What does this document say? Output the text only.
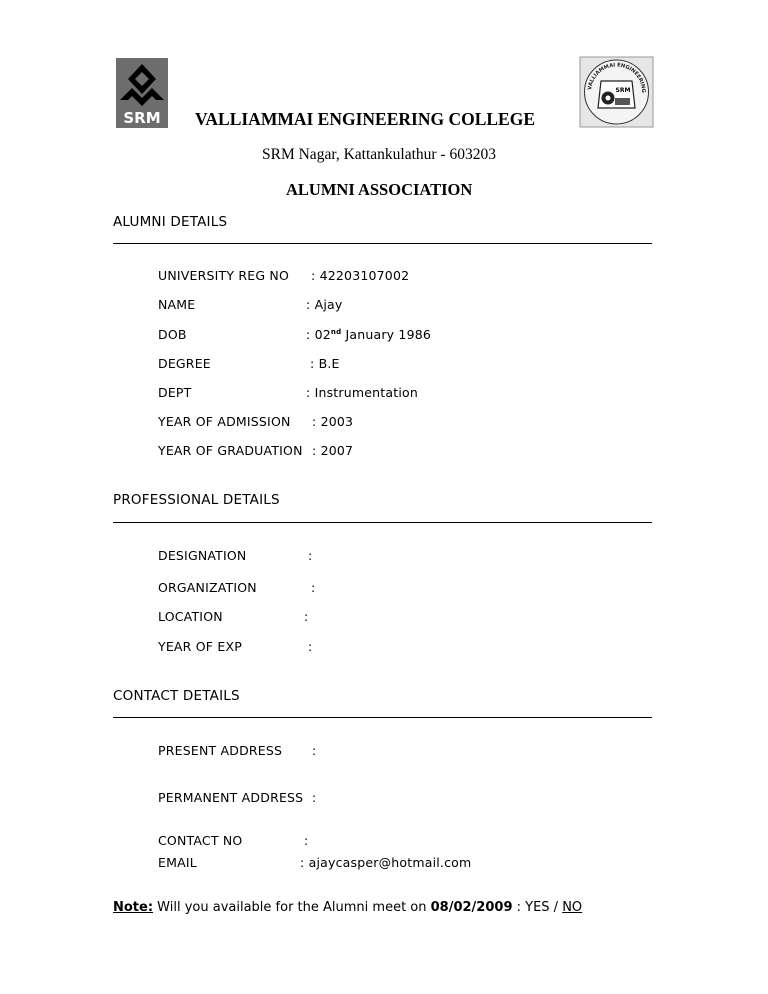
SRM
VALLIAMMAI ENGINEERING
SRM
VALLIAMMAI ENGINEERING COLLEGE
SRM Nagar, Kattankulathur - 603203
ALUMNI ASSOCIATION
ALUMNI DETAILS
UNIVERSITY REG NO : 42203107002
NAME	: Ajay
DOB	: 02nd January 1986
DEGREE	: B.E
DEPT	: Instrumentation
YEAR OF ADMISSION : 2003
YEAR OF GRADUATION : 2007
PROFESSIONAL DETAILS
DESIGNATION	:
ORGANIZATION	:
LOCATION	:
YEAR OF EXP	:
CONTACT DETAILS
PRESENT ADDRESS :
PERMANENT ADDRESS :
CONTACT NO	:
EMAIL	: ajaycasper@hotmail.com
Note: Will you available for the Alumni meet on 08/02/2009 : YES / NO
